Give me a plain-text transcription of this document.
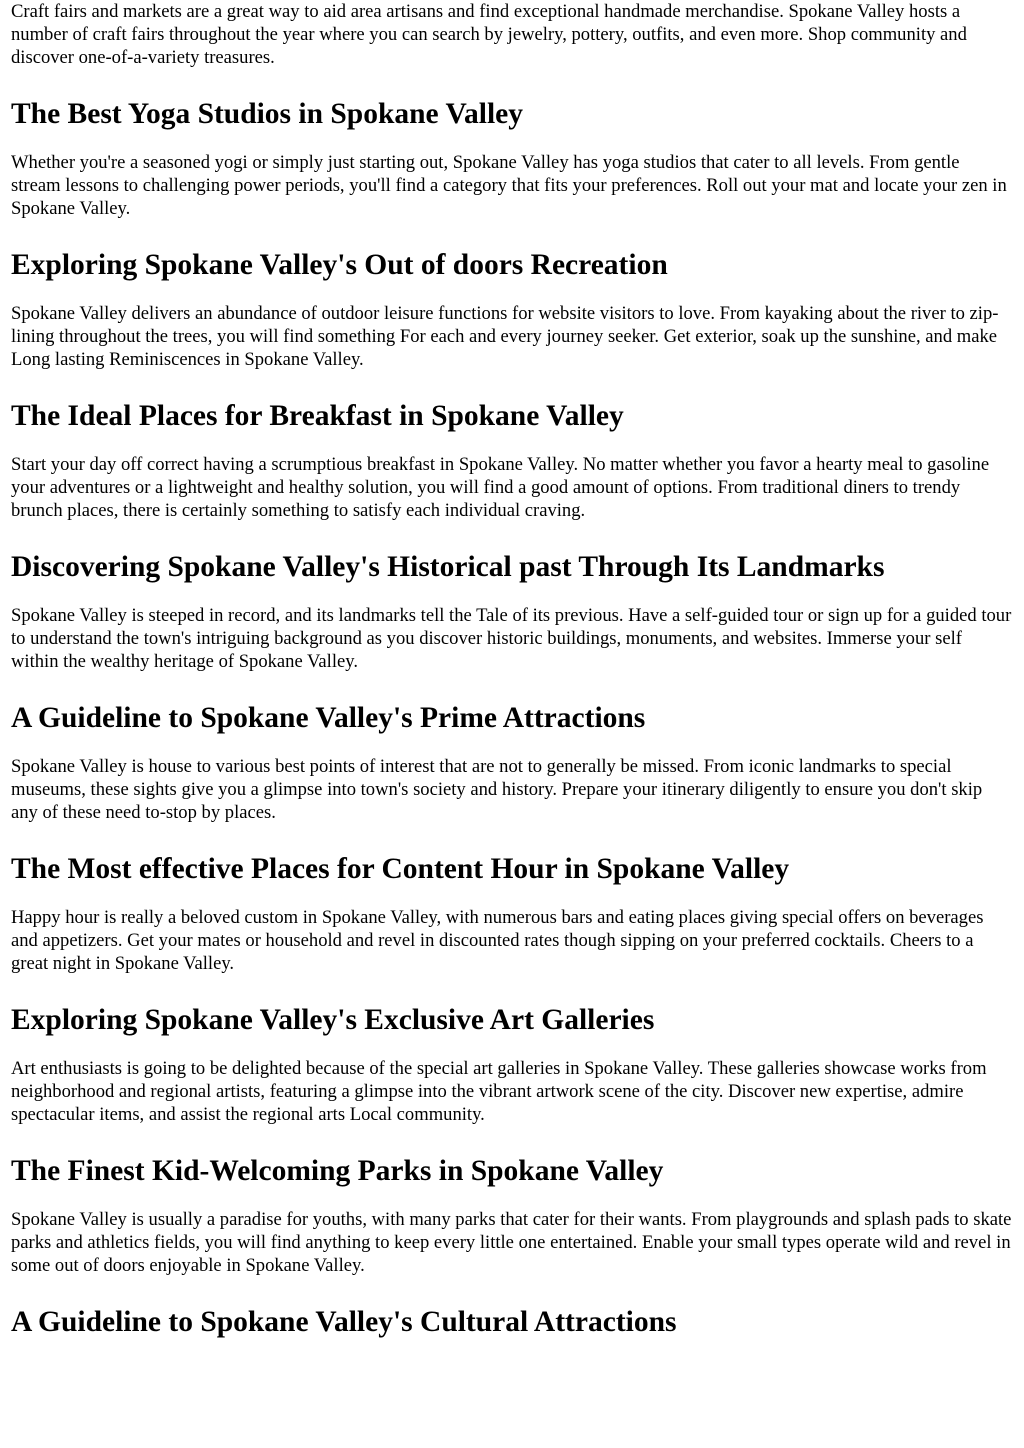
Craft fairs and markets are a great way to aid area artisans and find exceptional handmade merchandise. Spokane Valley hosts a number of craft fairs throughout the year where you can search by jewelry, pottery, outfits, and even more. Shop community and discover one-of-a-variety treasures.

The Best Yoga Studios in Spokane Valley

Whether you're a seasoned yogi or simply just starting out, Spokane Valley has yoga studios that cater to all levels. From gentle stream lessons to challenging power periods, you'll find a category that fits your preferences. Roll out your mat and locate your zen in Spokane Valley.

Exploring Spokane Valley's Out of doors Recreation

Spokane Valley delivers an abundance of outdoor leisure functions for website visitors to love. From kayaking about the river to zip-lining throughout the trees, you will find something For each and every journey seeker. Get exterior, soak up the sunshine, and make Long lasting Reminiscences in Spokane Valley.

The Ideal Places for Breakfast in Spokane Valley

Start your day off correct having a scrumptious breakfast in Spokane Valley. No matter whether you favor a hearty meal to gasoline your adventures or a lightweight and healthy solution, you will find a good amount of options. From traditional diners to trendy brunch places, there is certainly something to satisfy each individual craving.

Discovering Spokane Valley's Historical past Through Its Landmarks

Spokane Valley is steeped in record, and its landmarks tell the Tale of its previous. Have a self-guided tour or sign up for a guided tour to understand the town's intriguing background as you discover historic buildings, monuments, and websites. Immerse your self within the wealthy heritage of Spokane Valley.

A Guideline to Spokane Valley's Prime Attractions

Spokane Valley is house to various best points of interest that are not to generally be missed. From iconic landmarks to special museums, these sights give you a glimpse into town's society and history. Prepare your itinerary diligently to ensure you don't skip any of these need to-stop by places.

The Most effective Places for Content Hour in Spokane Valley

Happy hour is really a beloved custom in Spokane Valley, with numerous bars and eating places giving special offers on beverages and appetizers. Get your mates or household and revel in discounted rates though sipping on your preferred cocktails. Cheers to a great night in Spokane Valley.

Exploring Spokane Valley's Exclusive Art Galleries

Art enthusiasts is going to be delighted because of the special art galleries in Spokane Valley. These galleries showcase works from neighborhood and regional artists, featuring a glimpse into the vibrant artwork scene of the city. Discover new expertise, admire spectacular items, and assist the regional arts Local community.

The Finest Kid-Welcoming Parks in Spokane Valley

Spokane Valley is usually a paradise for youths, with many parks that cater for their wants. From playgrounds and splash pads to skate parks and athletics fields, you will find anything to keep every little one entertained. Enable your small types operate wild and revel in some out of doors enjoyable in Spokane Valley.

A Guideline to Spokane Valley's Cultural Attractions
